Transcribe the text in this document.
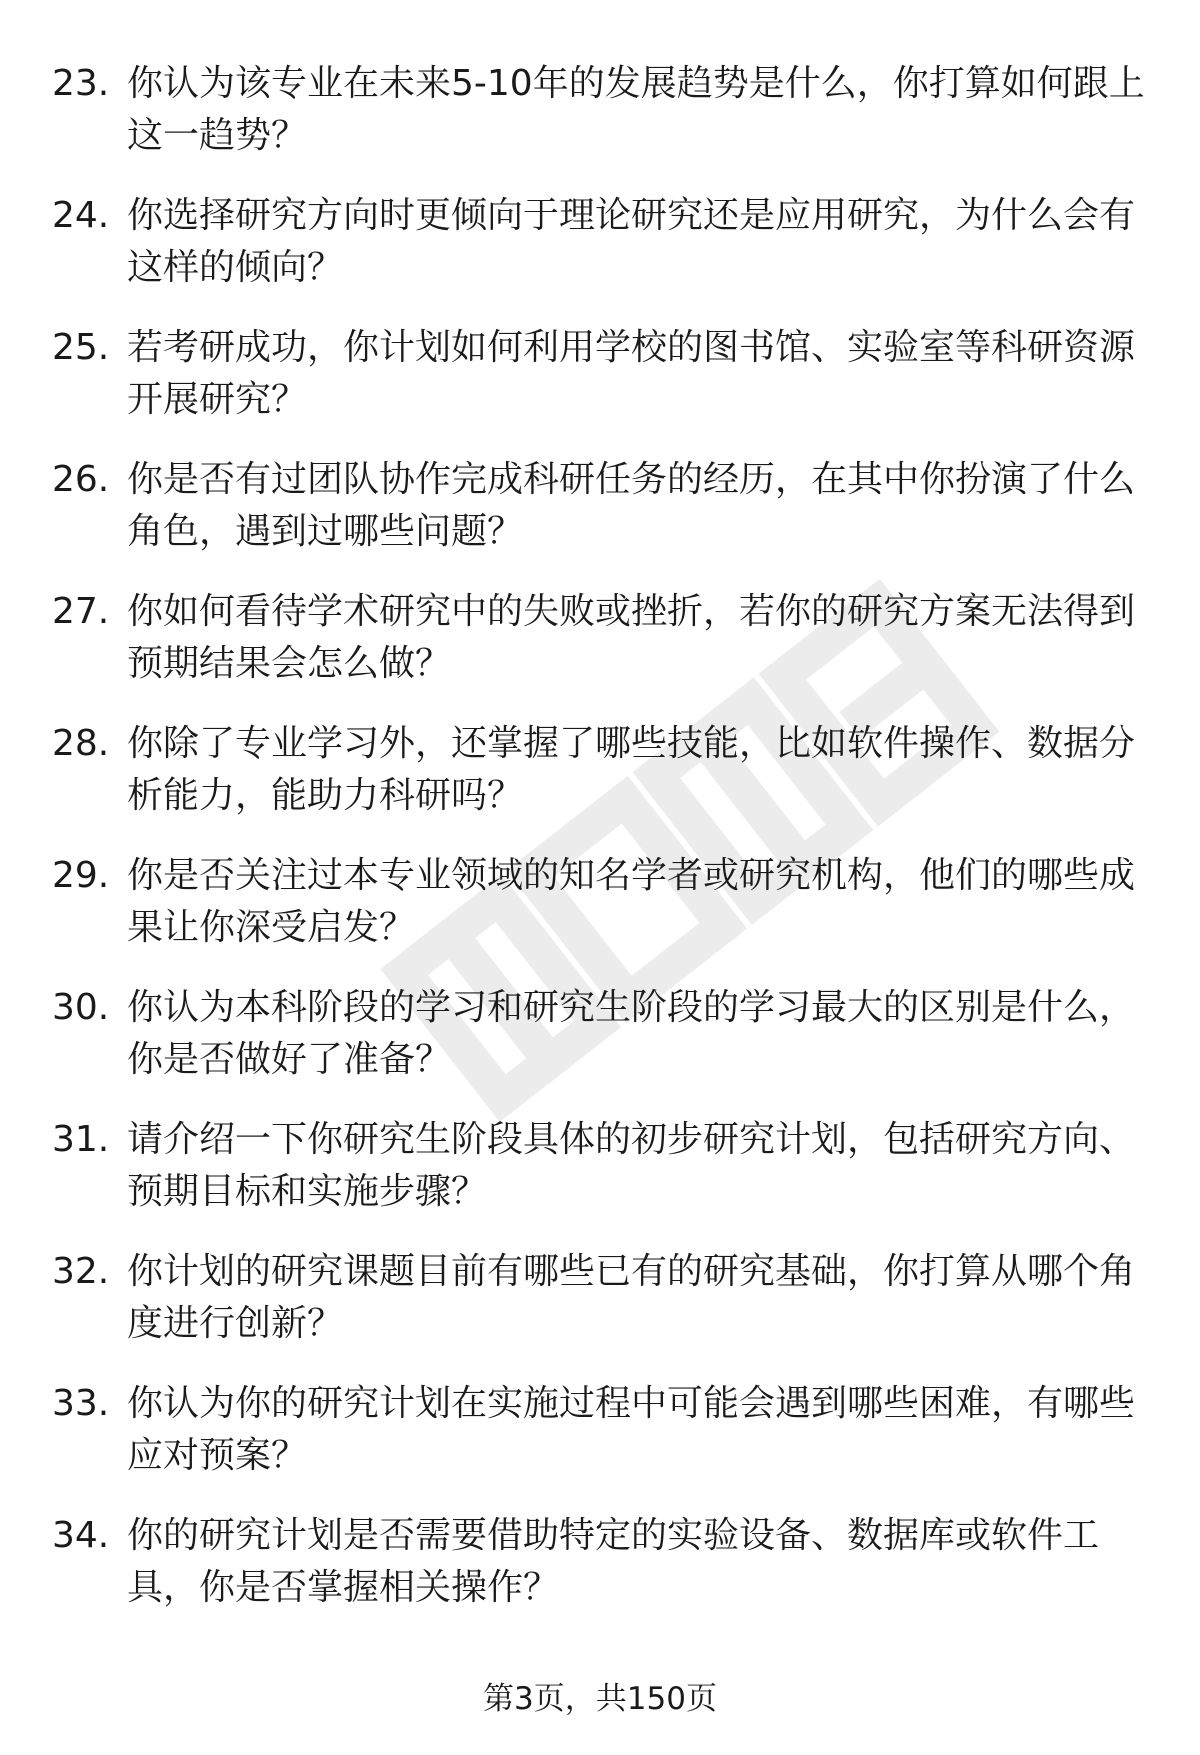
23. 你认为该专业在未来5-10年的发展趋势是什么，你打算如何跟上这一趋势？
24. 你选择研究方向时更倾向于理论研究还是应用研究，为什么会有这样的倾向？
25. 若考研成功，你计划如何利用学校的图书馆、实验室等科研资源开展研究？
26. 你是否有过团队协作完成科研任务的经历，在其中你扮演了什么角色，遇到过哪些问题？
27. 你如何看待学术研究中的失败或挫折，若你的研究方案无法得到预期结果会怎么做？
28. 你除了专业学习外，还掌握了哪些技能，比如软件操作、数据分析能力，能助力科研吗？
29. 你是否关注过本专业领域的知名学者或研究机构，他们的哪些成果让你深受启发？
30. 你认为本科阶段的学习和研究生阶段的学习最大的区别是什么，你是否做好了准备？
31. 请介绍一下你研究生阶段具体的初步研究计划，包括研究方向、预期目标和实施步骤？
32. 你计划的研究课题目前有哪些已有的研究基础，你打算从哪个角度进行创新？
33. 你认为你的研究计划在实施过程中可能会遇到哪些困难，有哪些应对预案？
34. 你的研究计划是否需要借助特定的实验设备、数据库或软件工具，你是否掌握相关操作？
第3页，共150页
